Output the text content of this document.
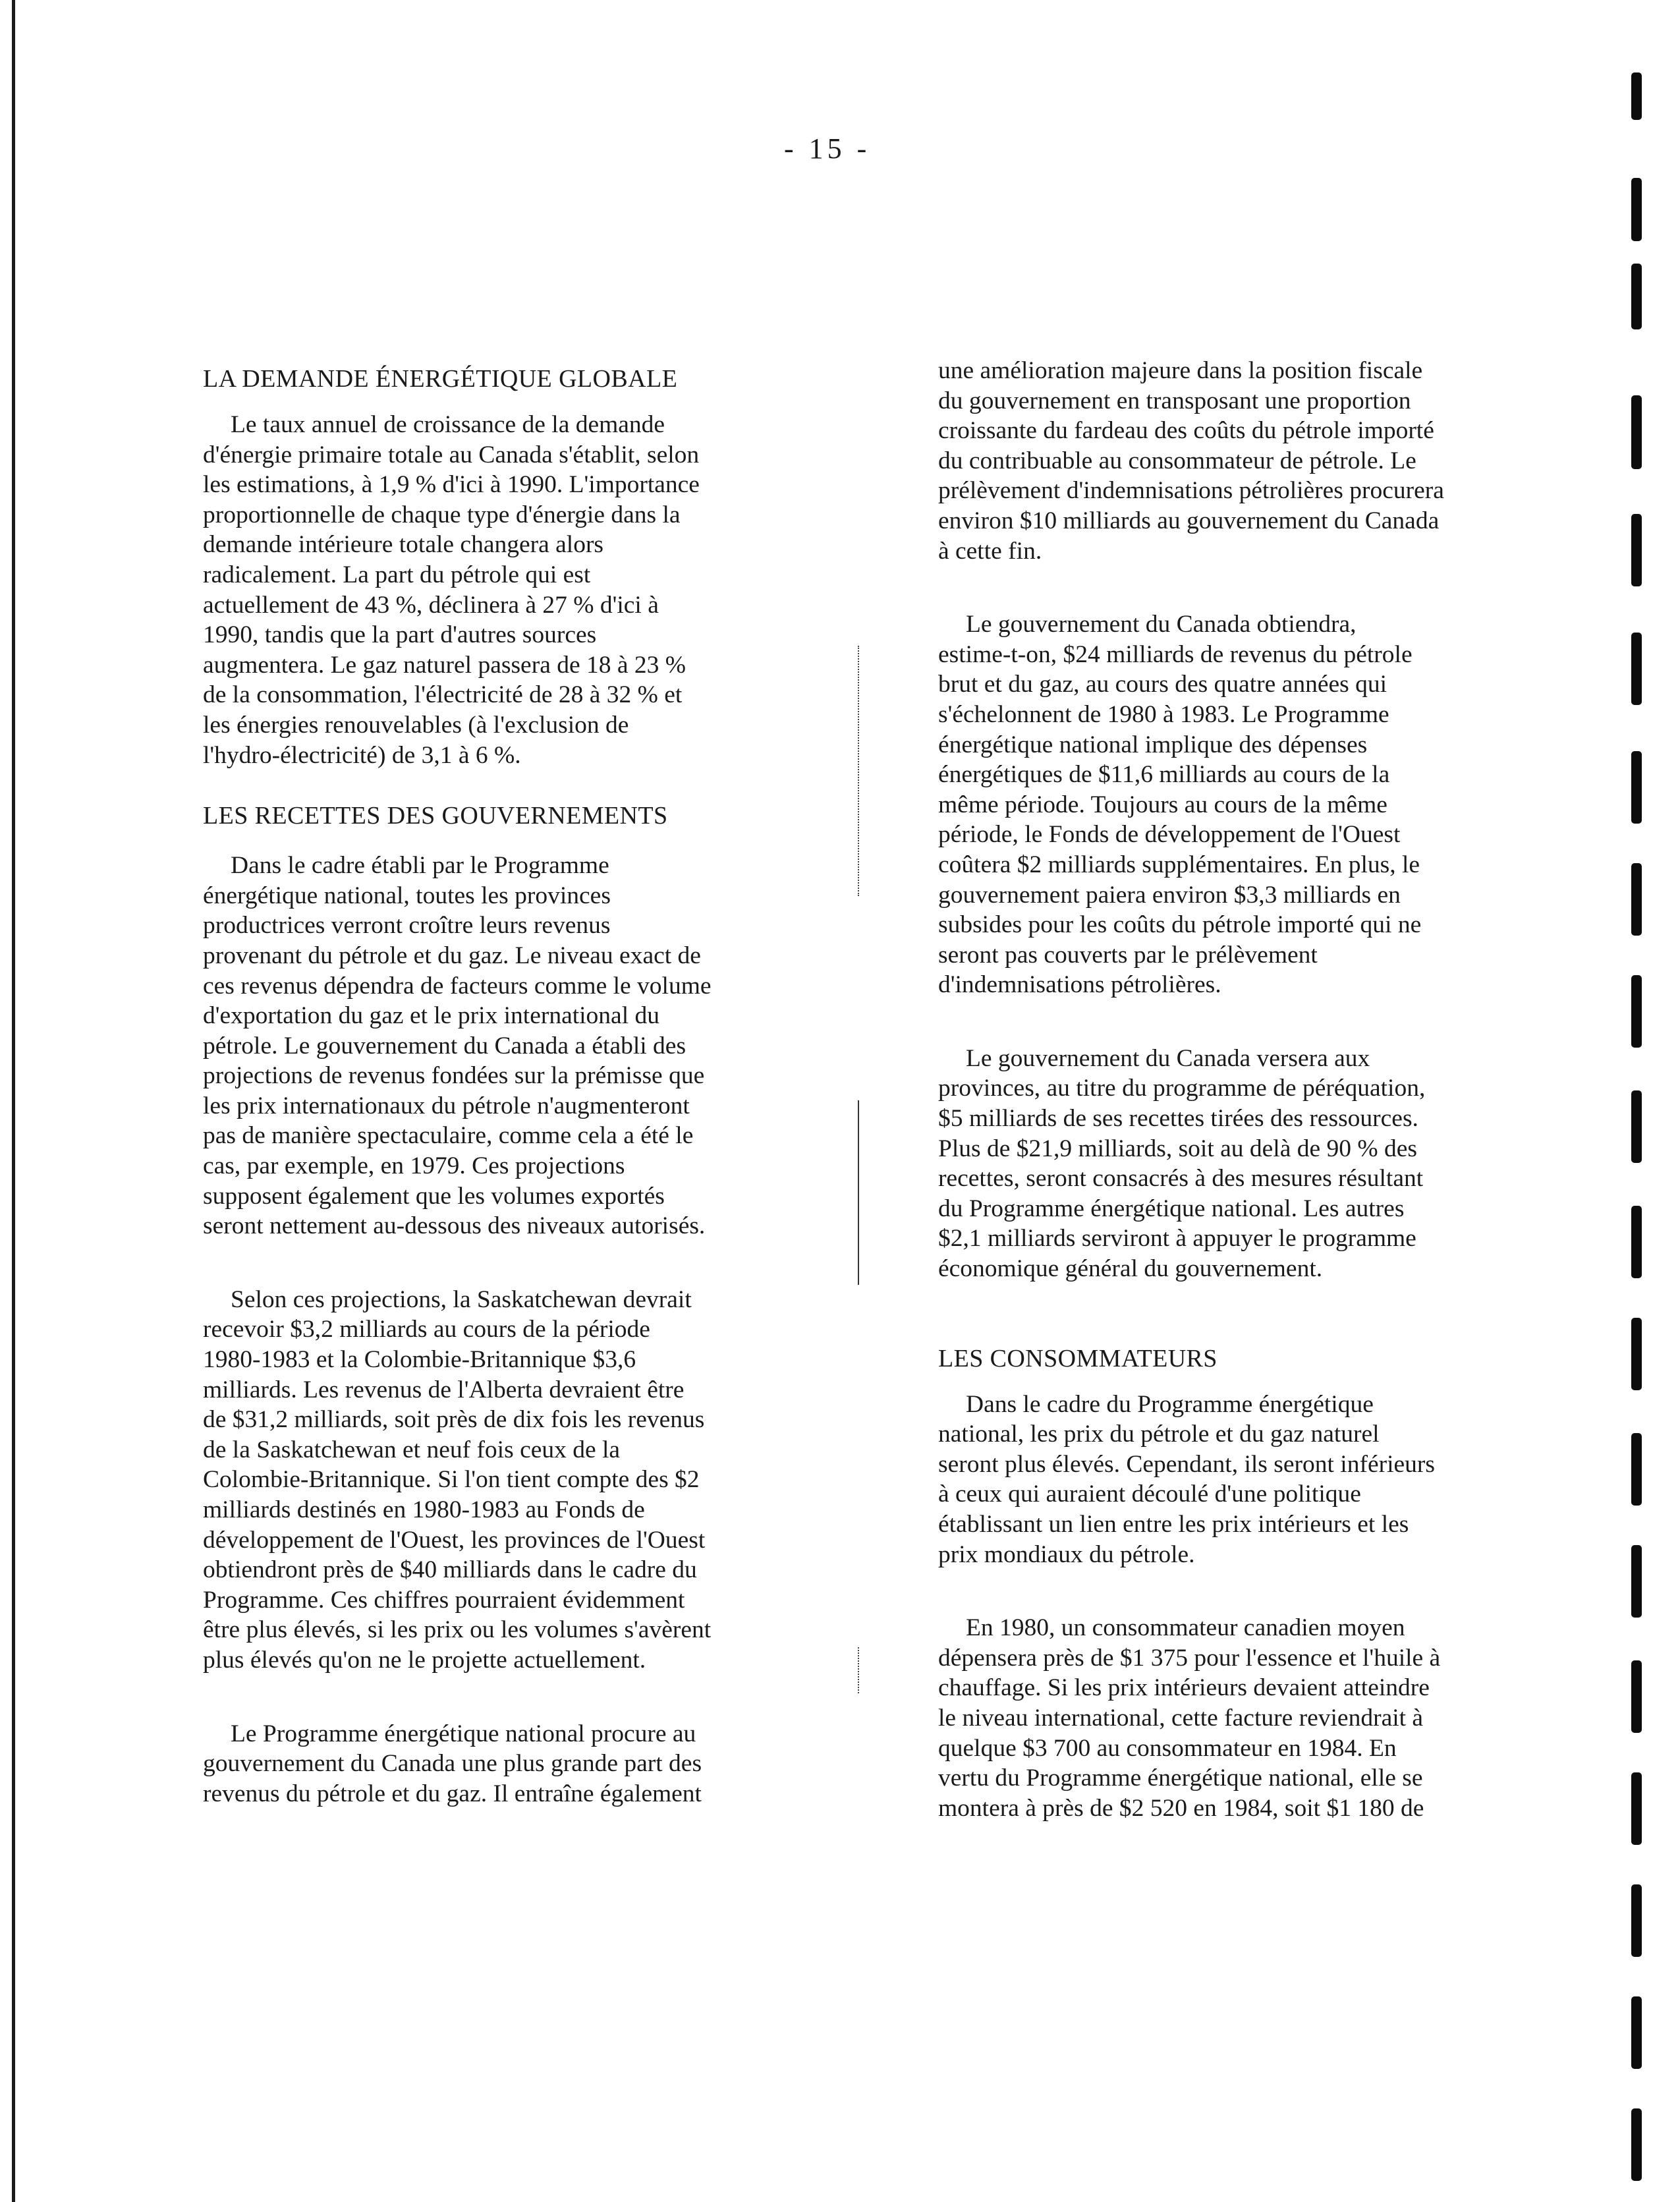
- 15 -
LA DEMANDE ÉNERGÉTIQUE GLOBALE

Le taux annuel de croissance de la demande
d'énergie primaire totale au Canada s'établit, selon
les estimations, à 1,9 % d'ici à 1990. L'importance
proportionnelle de chaque type d'énergie dans la
demande intérieure totale changera alors
radicalement. La part du pétrole qui est
actuellement de 43 %, déclinera à 27 % d'ici à
1990, tandis que la part d'autres sources
augmentera. Le gaz naturel passera de 18 à 23 %
de la consommation, l'électricité de 28 à 32 % et
les énergies renouvelables (à l'exclusion de
l'hydro-électricité) de 3,1 à 6 %.

LES RECETTES DES GOUVERNEMENTS

Dans le cadre établi par le Programme
énergétique national, toutes les provinces
productrices verront croître leurs revenus
provenant du pétrole et du gaz. Le niveau exact de
ces revenus dépendra de facteurs comme le volume
d'exportation du gaz et le prix international du
pétrole. Le gouvernement du Canada a établi des
projections de revenus fondées sur la prémisse que
les prix internationaux du pétrole n'augmenteront
pas de manière spectaculaire, comme cela a été le
cas, par exemple, en 1979. Ces projections
supposent également que les volumes exportés
seront nettement au-dessous des niveaux autorisés.

Selon ces projections, la Saskatchewan devrait
recevoir $3,2 milliards au cours de la période
1980-1983 et la Colombie-Britannique $3,6
milliards. Les revenus de l'Alberta devraient être
de $31,2 milliards, soit près de dix fois les revenus
de la Saskatchewan et neuf fois ceux de la
Colombie-Britannique. Si l'on tient compte des $2
milliards destinés en 1980-1983 au Fonds de
développement de l'Ouest, les provinces de l'Ouest
obtiendront près de $40 milliards dans le cadre du
Programme. Ces chiffres pourraient évidemment
être plus élevés, si les prix ou les volumes s'avèrent
plus élevés qu'on ne le projette actuellement.

Le Programme énergétique national procure au
gouvernement du Canada une plus grande part des
revenus du pétrole et du gaz. Il entraîne également

une amélioration majeure dans la position fiscale
du gouvernement en transposant une proportion
croissante du fardeau des coûts du pétrole importé
du contribuable au consommateur de pétrole. Le
prélèvement d'indemnisations pétrolières procurera
environ $10 milliards au gouvernement du Canada
à cette fin.

Le gouvernement du Canada obtiendra,
estime-t-on, $24 milliards de revenus du pétrole
brut et du gaz, au cours des quatre années qui
s'échelonnent de 1980 à 1983. Le Programme
énergétique national implique des dépenses
énergétiques de $11,6 milliards au cours de la
même période. Toujours au cours de la même
période, le Fonds de développement de l'Ouest
coûtera $2 milliards supplémentaires. En plus, le
gouvernement paiera environ $3,3 milliards en
subsides pour les coûts du pétrole importé qui ne
seront pas couverts par le prélèvement
d'indemnisations pétrolières.

Le gouvernement du Canada versera aux
provinces, au titre du programme de péréquation,
$5 milliards de ses recettes tirées des ressources.
Plus de $21,9 milliards, soit au delà de 90 % des
recettes, seront consacrés à des mesures résultant
du Programme énergétique national. Les autres
$2,1 milliards serviront à appuyer le programme
économique général du gouvernement.

LES CONSOMMATEURS

Dans le cadre du Programme énergétique
national, les prix du pétrole et du gaz naturel
seront plus élevés. Cependant, ils seront inférieurs
à ceux qui auraient découlé d'une politique
établissant un lien entre les prix intérieurs et les
prix mondiaux du pétrole.

En 1980, un consommateur canadien moyen
dépensera près de $1 375 pour l'essence et l'huile à
chauffage. Si les prix intérieurs devaient atteindre
le niveau international, cette facture reviendrait à
quelque $3 700 au consommateur en 1984. En
vertu du Programme énergétique national, elle se
montera à près de $2 520 en 1984, soit $1 180 de
